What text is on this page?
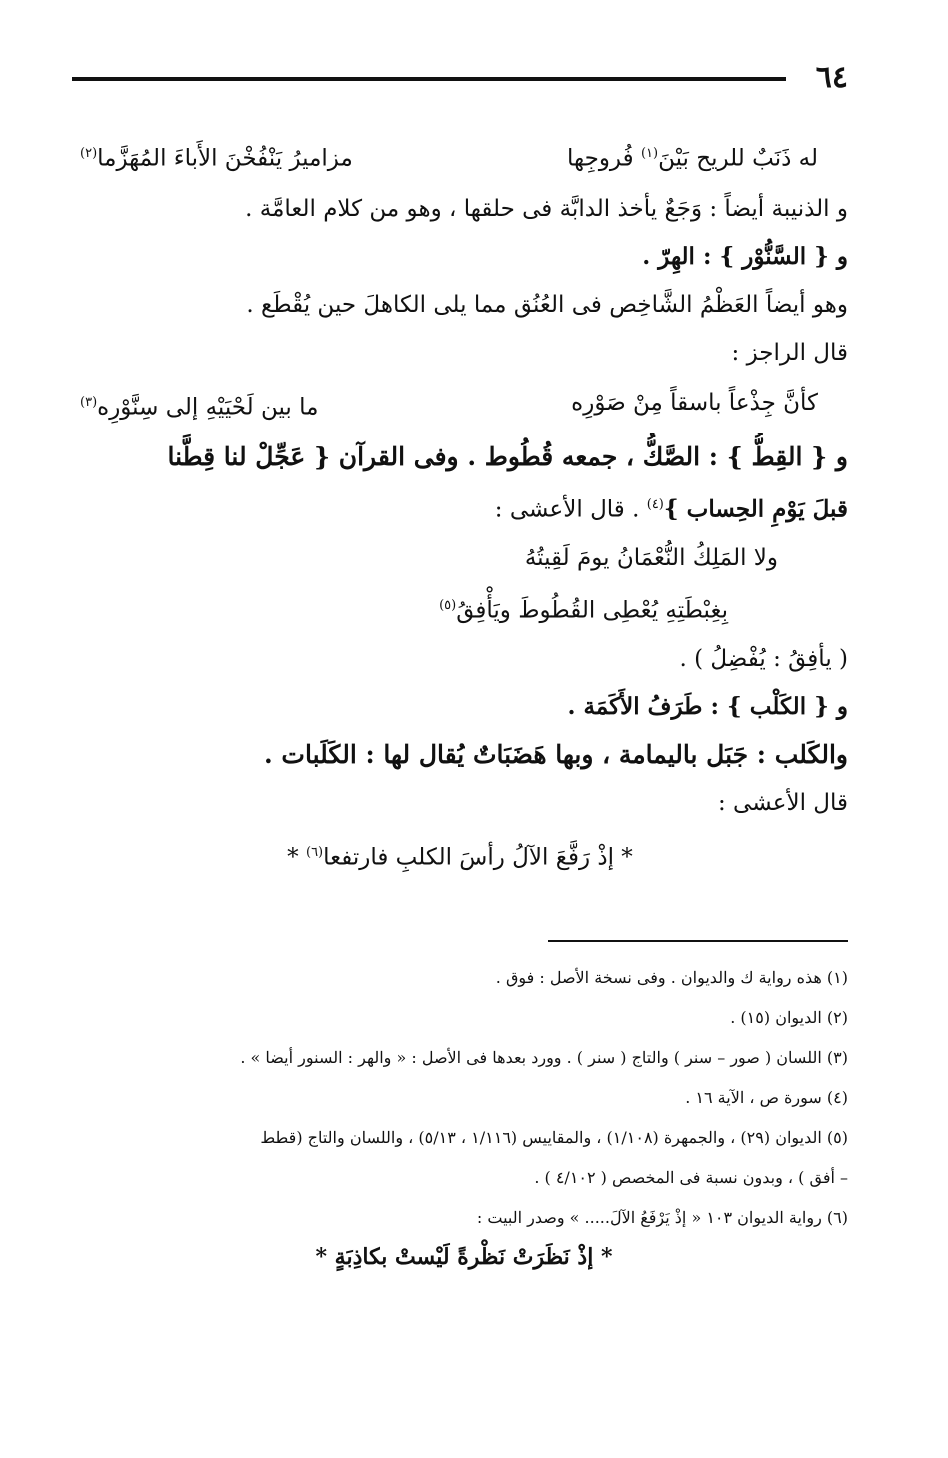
٦٤
له ذَنَبٌ للريح بَيْنَ$^{(١)}$ فُروجِها
مزاميرُ يَنْفُخْنَ الأَباءَ المُهَزَّما$^{(٢)}$
و الذنيبة أيضاً : وَجَعٌ يأخذ الدابَّة فى حلقها ، وهو من كلام العامَّة .
و { السَّنُّوْر } : الهِرّ .
وهو أيضاً العَظْمُ الشَّاخِص فى العُنُق مما يلى الكاهلَ حين يُقْطَع .
قال الراجز :
كأنَّ جِذْعاً باسقاً مِنْ صَوْرِه
ما بين لَحْيَيْهِ إلى سِنَّوْرِه$^{(٣)}$
و { القِطُّ } : الصَّكُّ ، جمعه قُطُوط . وفى القرآن { عَجِّلْ لنا قِطَّنا
قبلَ يَوْمِ الحِساب }$^{(٤)}$ . قال الأعشى :
ولا المَلِكُ النُّعْمَانُ يومَ لَقِيتُهُ
بِغِبْطَتِهِ يُعْطِى القُطُوطَ ويَأْفِقُ$^{(٥)}$
( يأفِقُ : يُفْضِلُ ) .
و { الكَلْب } : طَرَفُ الأَكَمَة .
والكَلب : جَبَل باليمامة ، وبها هَضَبَاتٌ يُقال لها : الكَلَبات .
قال الأعشى :
* إذْ رَفَّعَ الآلُ رأسَ الكلبِ فارتفعا$^{(٦)}$ *
(١) هذه رواية ك والديوان . وفى نسخة الأصل : فوق .
(٢) الديوان (١٥) .
(٣) اللسان ( صور – سنر ) والتاج ( سنر ) . وورد بعدها فى الأصل : « والهر : السنور أيضا » .
(٤) سورة ص ، الآية ١٦ .
(٥) الديوان (٢٩) ، والجمهرة (١/١٠٨) ، والمقاييس (١/١١٦ ، ٥/١٣) ، واللسان والتاج (قطط
– أفق ) ، وبدون نسبة فى المخصص ( ٤/١٠٢ ) .
(٦) رواية الديوان ١٠٣ « إذْ يَرْفَعُ الآلَ..... » وصدر البيت :
* إذْ نَظَرَتْ نَظْرةً لَيْستْ بكاذِبَةٍ *
